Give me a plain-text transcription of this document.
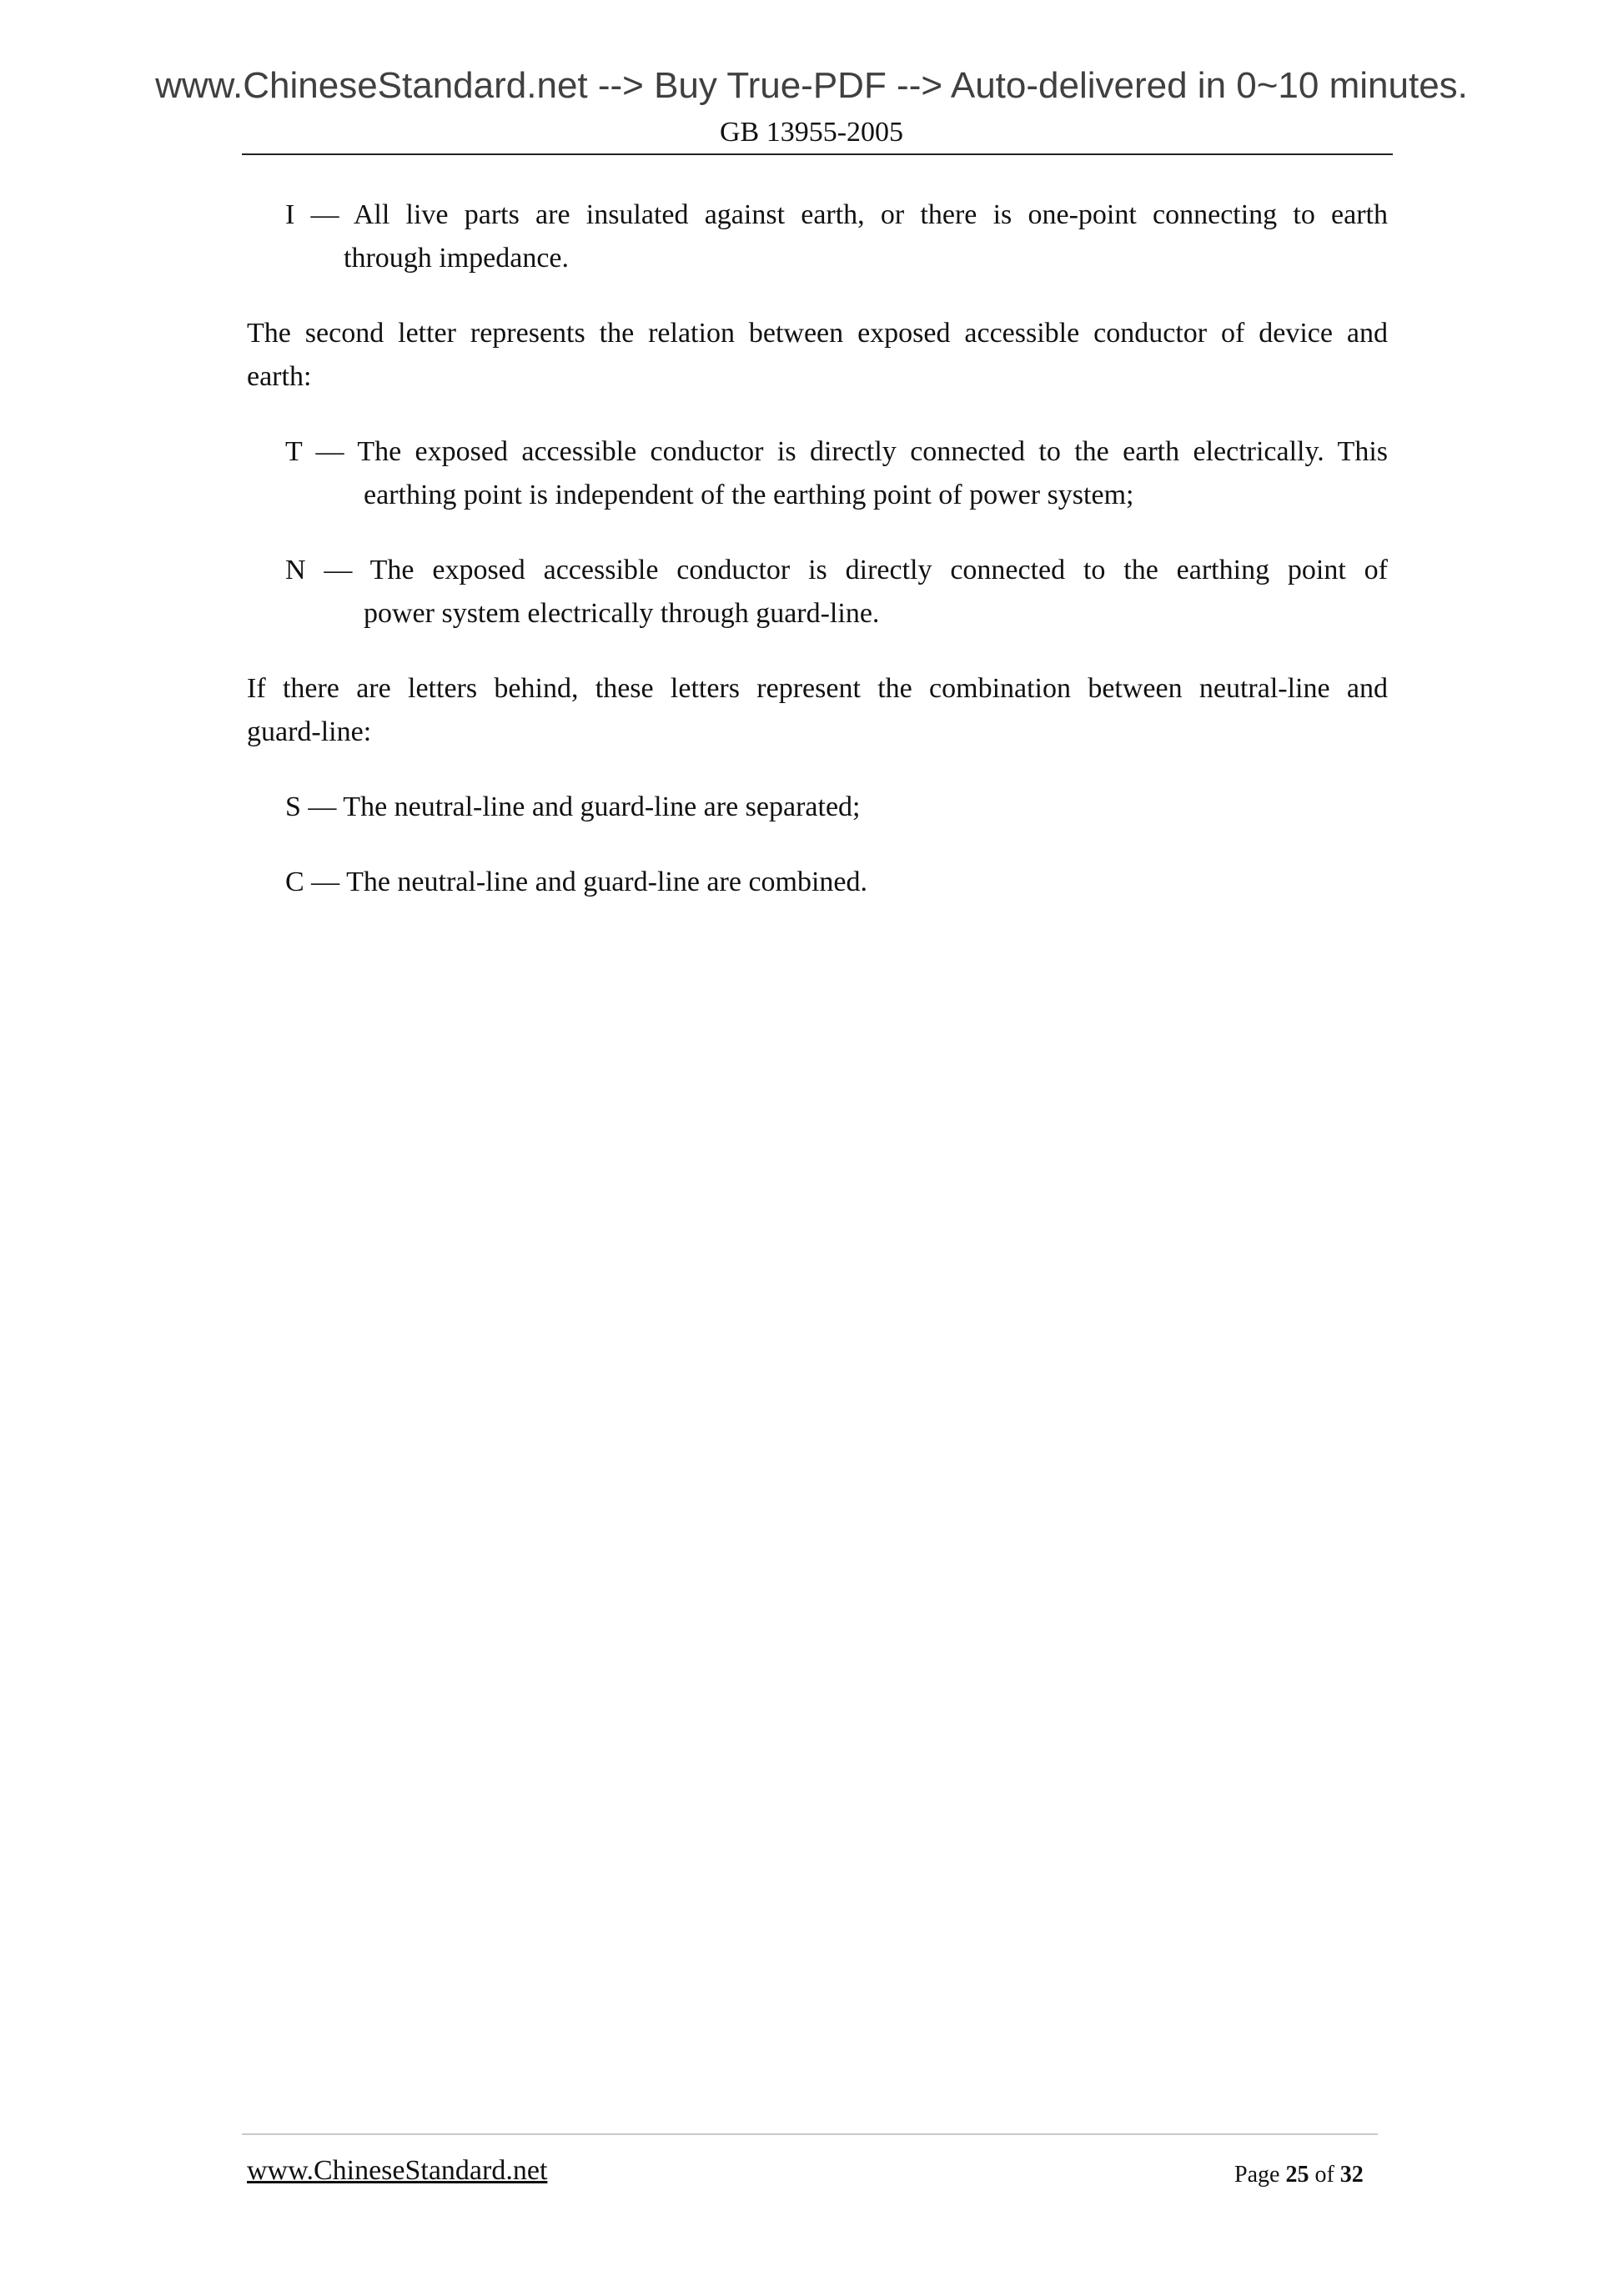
www.ChineseStandard.net --> Buy True-PDF --> Auto-delivered in 0~10 minutes.
GB 13955-2005
I — All live parts are insulated against earth, or there is one-point connecting to earth
through impedance.
The second letter represents the relation between exposed accessible conductor of device and
earth:
T — The exposed accessible conductor is directly connected to the earth electrically. This
earthing point is independent of the earthing point of power system;
N — The exposed accessible conductor is directly connected to the earthing point of
power system electrically through guard-line.
If there are letters behind, these letters represent the combination between neutral-line and
guard-line:
S — The neutral-line and guard-line are separated;
C — The neutral-line and guard-line are combined.
www.ChineseStandard.net	Page 25 of 32
